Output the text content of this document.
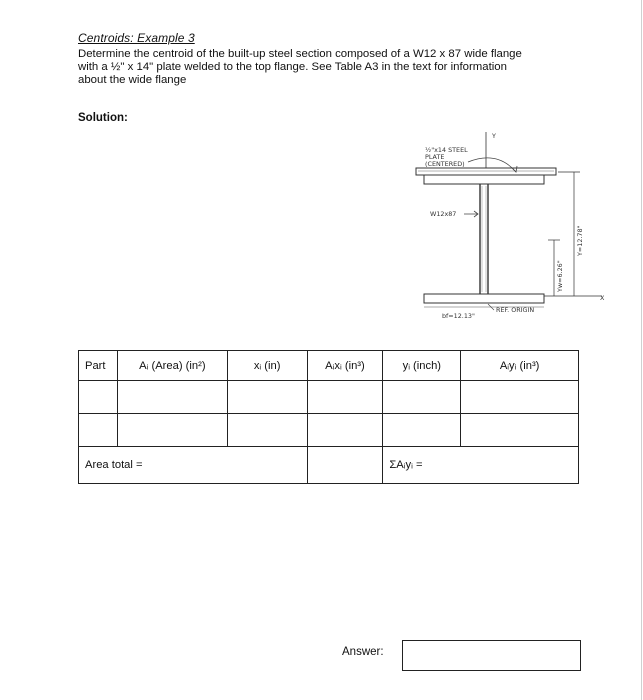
Centroids: Example 3
Determine the centroid of the built-up steel section composed of a W12 x 87 wide flange
with a ½" x 14" plate welded to the top flange. See Table A3 in the text for information
about the wide flange
Solution:
Y
X
½"x14 STEEL
PLATE
(CENTERED)
W12x87
bf=12.13"
REF. ORIGIN
Yw=6.26"
Y=12.78"
Part	Aᵢ (Area) (in²)	xᵢ (in)	Aᵢxᵢ (in³)	yᵢ (inch)	Aᵢyᵢ (in³)

Area total =				ΣAᵢyᵢ =	
Answer:
